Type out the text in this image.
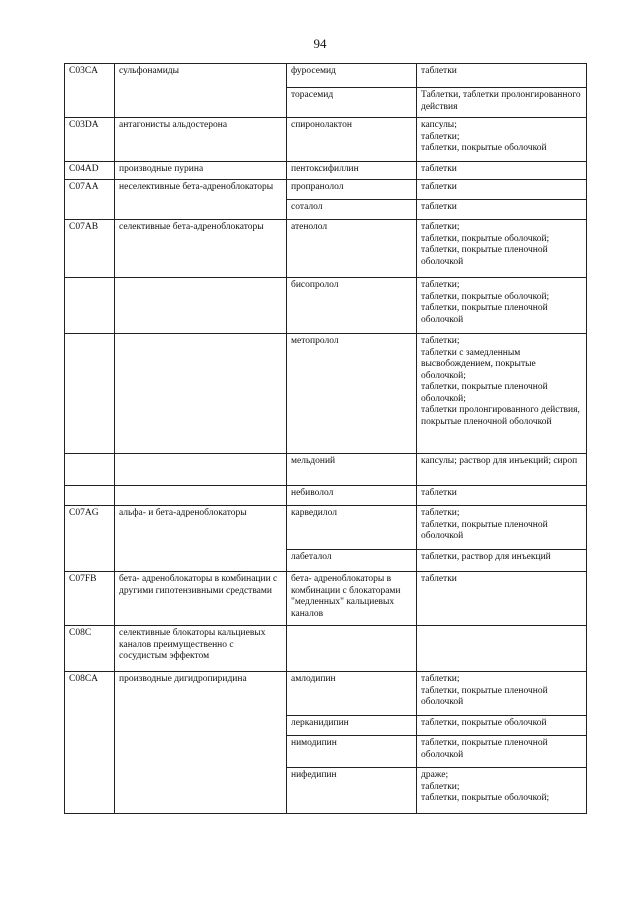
94
C03CA	сульфонамиды	фуросемид	таблетки

		торасемид	Таблетки, таблетки пролонгированного действия

C03DA	антагонисты альдостерона	спиронолактон	капсулы;
таблетки;
таблетки, покрытые оболочкой

C04AD	производные пурина	пентоксифиллин	таблетки

C07AA	неселективные бета-адреноблокаторы	пропранолол	таблетки

		соталол	таблетки

C07AB	селективные бета-адреноблокаторы	атенолол	таблетки;
таблетки, покрытые оболочкой;
таблетки, покрытые пленочной оболочкой

		бисопролол	таблетки;
таблетки, покрытые оболочкой;
таблетки, покрытые пленочной оболочкой

		метопролол	таблетки;
таблетки с замедленным высвобождением, покрытые оболочкой;
таблетки, покрытые пленочной оболочкой;
таблетки пролонгированного действия, покрытые пленочной оболочкой

		мельдоний	капсулы; раствор для инъекций; сироп

		небиволол	таблетки

C07AG	альфа- и бета-адреноблокаторы	карведилол	таблетки;
таблетки, покрытые пленочной оболочкой

		лабеталол	таблетки, раствор для инъекций

C07FB	бета- адреноблокаторы в комбинации с другими гипотензивными средствами	бета- адреноблокаторы в комбинации с блокаторами "медленных" кальциевых каналов	таблетки

C08C	селективные блокаторы кальциевых каналов преимущественно с сосудистым эффектом		

C08CA	производные дигидропиридина	амлодипин	таблетки;
таблетки, покрытые пленочной оболочкой

		лерканидипин	таблетки, покрытые оболочкой

		нимодипин	таблетки, покрытые пленочной оболочкой

		нифедипин	драже;
таблетки;
таблетки, покрытые оболочкой;
